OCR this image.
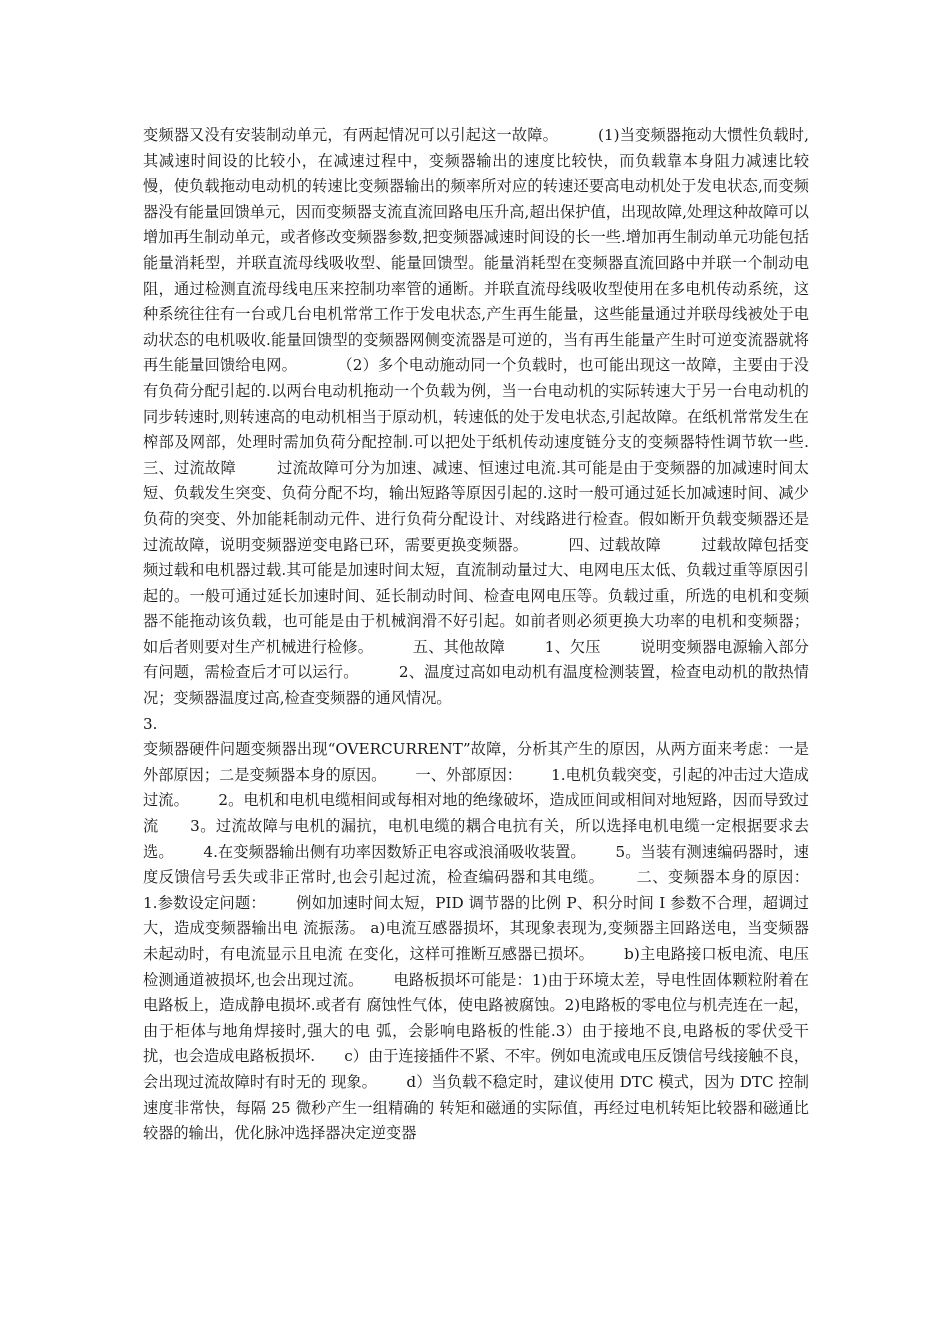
变频器又没有安装制动单元，有两起情况可以引起这一故障。        (1)当变频器拖动大惯性负载时,其减速时间设的比较小，在减速过程中，变频器输出的速度比较快，而负载靠本身阻力减速比较慢，使负载拖动电动机的转速比变频器输出的频率所对应的转速还要高电动机处于发电状态,而变频器没有能量回馈单元，因而变频器支流直流回路电压升高,超出保护值，出现故障,处理这种故障可以增加再生制动单元，或者修改变频器参数,把变频器减速时间设的长一些.增加再生制动单元功能包括能量消耗型，并联直流母线吸收型、能量回馈型。能量消耗型在变频器直流回路中并联一个制动电阻，通过检测直流母线电压来控制功率管的通断。并联直流母线吸收型使用在多电机传动系统，这种系统往往有一台或几台电机常常工作于发电状态,产生再生能量，这些能量通过并联母线被处于电动状态的电机吸收.能量回馈型的变频器网侧变流器是可逆的，当有再生能量产生时可逆变流器就将再生能量回馈给电网。        （2）多个电动施动同一个负载时，也可能出现这一故障，主要由于没有负荷分配引起的.以两台电动机拖动一个负载为例，当一台电动机的实际转速大于另一台电动机的同步转速时,则转速高的电动机相当于原动机，转速低的处于发电状态,引起故障。在纸机常常发生在榨部及网部，处理时需加负荷分配控制.可以把处于纸机传动速度链分支的变频器特性调节软一些.        三、过流故障        过流故障可分为加速、减速、恒速过电流.其可能是由于变频器的加减速时间太短、负载发生突变、负荷分配不均，输出短路等原因引起的.这时一般可通过延长加减速时间、减少负荷的突变、外加能耗制动元件、进行负荷分配设计、对线路进行检查。假如断开负载变频器还是过流故障，说明变频器逆变电路已环，需要更换变频器。        四、过载故障        过载故障包括变频过载和电机器过载.其可能是加速时间太短，直流制动量过大、电网电压太低、负载过重等原因引起的。一般可通过延长加速时间、延长制动时间、检查电网电压等。负载过重，所选的电机和变频器不能拖动该负载，也可能是由于机械润滑不好引起。如前者则必须更换大功率的电机和变频器；如后者则要对生产机械进行检修。        五、其他故障        1、欠压        说明变频器电源输入部分有问题，需检查后才可以运行。        2、温度过高如电动机有温度检测装置，检查电动机的散热情况；变频器温度过高,检查变频器的通风情况。

3.

变频器硬件问题变频器出现“OVERCURRENT”故障，分析其产生的原因，从两方面来考虑：一是 外部原因；二是变频器本身的原因。      一、外部原因：      1.电机负载突变，引起的冲击过大造成过流。      2。电机和电机电缆相间或每相对地的绝缘破坏，造成匝间或相间对地短路，因而导致过流      3。过流故障与电机的漏抗，电机电缆的耦合电抗有关，所以选择电机电缆一定根据要求去选。      4.在变频器输出侧有功率因数矫正电容或浪涌吸收装置。      5。当装有测速编码器时，速度反馈信号丢失或非正常时,也会引起过流，检查编码器和其电缆。      二、变频器本身的原因：      1.参数设定问题：      例如加速时间太短，PID 调节器的比例 P、积分时间 I 参数不合理，超调过大，造成变频器输出电 流振荡。 a)电流互感器损坏，其现象表现为,变频器主回路送电，当变频器未起动时，有电流显示且电流 在变化，这样可推断互感器已损坏。      b)主电路接口板电流、电压检测通道被损坏,也会出现过流。      电路板损坏可能是：1)由于环境太差，导电性固体颗粒附着在电路板上，造成静电损坏.或者有 腐蚀性气体，使电路被腐蚀。2)电路板的零电位与机壳连在一起，由于柜体与地角焊接时,强大的电 弧，会影响电路板的性能.3）由于接地不良,电路板的零伏受干扰，也会造成电路板损坏.      c）由于连接插件不紧、不牢。例如电流或电压反馈信号线接触不良，会出现过流故障时有时无的 现象。      d）当负载不稳定时，建议使用 DTC 模式，因为 DTC 控制速度非常快，每隔 25 微秒产生一组精确的 转矩和磁通的实际值，再经过电机转矩比较器和磁通比较器的输出，优化脉冲选择器决定逆变器
